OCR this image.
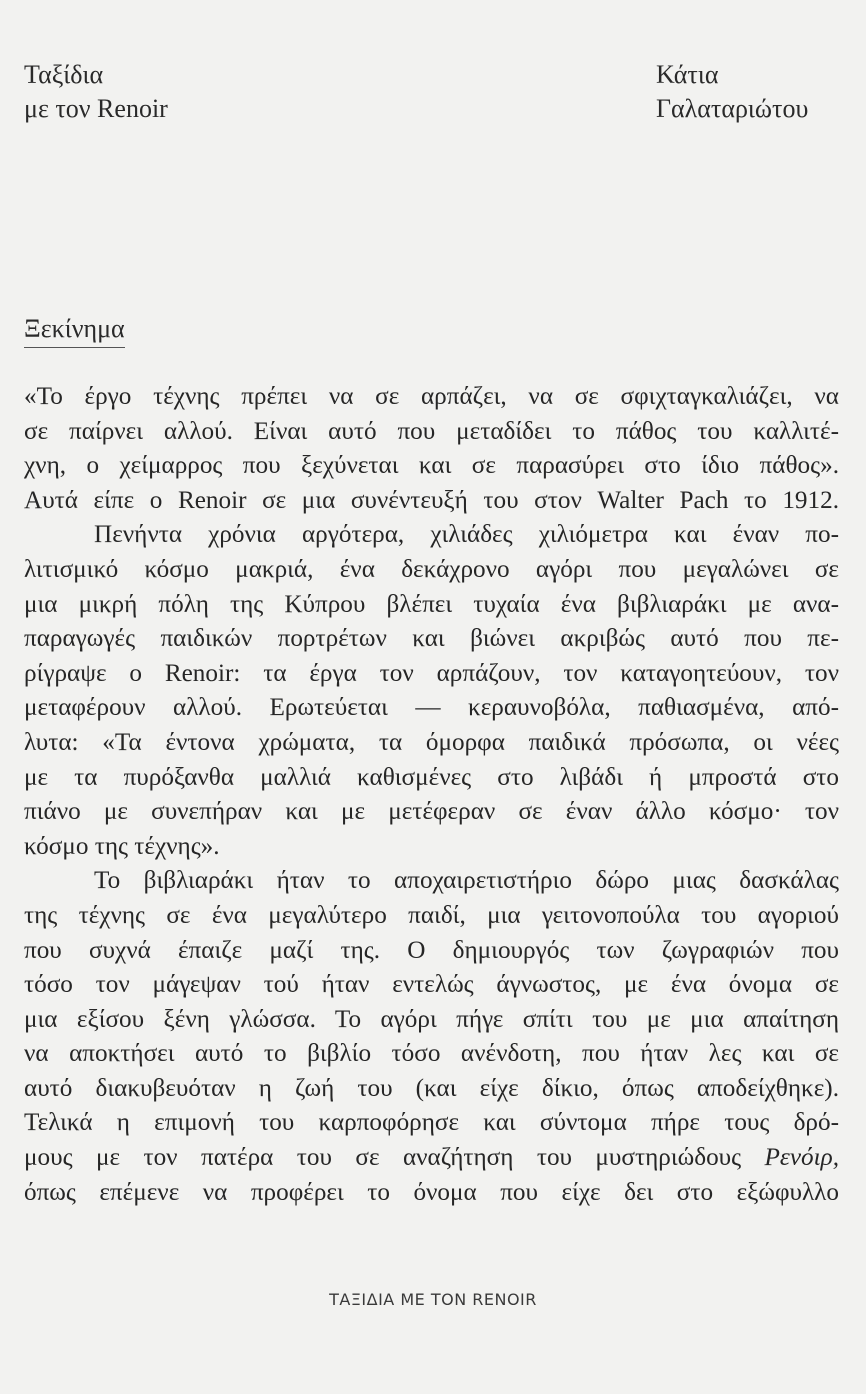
Ταξίδια
με τον Renoir
Κάτια
Γαλαταριώτου
Ξεκίνημα
«Το έργο τέχνης πρέπει να σε αρπάζει, να σε σφιχταγκαλιάζει, να
σε παίρνει αλλού. Είναι αυτό που μεταδίδει το πάθος του καλλιτέ-
χνη, ο χείμαρρος που ξεχύνεται και σε παρασύρει στο ίδιο πάθος».
Αυτά είπε ο Renoir σε μια συνέντευξή του στον Walter Pach το 1912.
Πενήντα χρόνια αργότερα, χιλιάδες χιλιόμετρα και έναν πο-
λιτισμικό κόσμο μακριά, ένα δεκάχρονο αγόρι που μεγαλώνει σε
μια μικρή πόλη της Κύπρου βλέπει τυχαία ένα βιβλιαράκι με ανα-
παραγωγές παιδικών πορτρέτων και βιώνει ακριβώς αυτό που πε-
ρίγραψε ο Renoir: τα έργα τον αρπάζουν, τον καταγοητεύουν, τον
μεταφέρουν αλλού. Ερωτεύεται — κεραυνοβόλα, παθιασμένα, από-
λυτα: «Τα έντονα χρώματα, τα όμορφα παιδικά πρόσωπα, οι νέες
με τα πυρόξανθα μαλλιά καθισμένες στο λιβάδι ή μπροστά στο
πιάνο με συνεπήραν και με μετέφεραν σε έναν άλλο κόσμο· τον
κόσμο της τέχνης».
Το βιβλιαράκι ήταν το αποχαιρετιστήριο δώρο μιας δασκάλας
της τέχνης σε ένα μεγαλύτερο παιδί, μια γειτονοπούλα του αγοριού
που συχνά έπαιζε μαζί της. Ο δημιουργός των ζωγραφιών που
τόσο τον μάγεψαν τού ήταν εντελώς άγνωστος, με ένα όνομα σε
μια εξίσου ξένη γλώσσα. Το αγόρι πήγε σπίτι του με μια απαίτηση
να αποκτήσει αυτό το βιβλίο τόσο ανένδοτη, που ήταν λες και σε
αυτό διακυβευόταν η ζωή του (και είχε δίκιο, όπως αποδείχθηκε).
Τελικά η επιμονή του καρποφόρησε και σύντομα πήρε τους δρό-
μους με τον πατέρα του σε αναζήτηση του μυστηριώδους Ρενόιρ,
όπως επέμενε να προφέρει το όνομα που είχε δει στο εξώφυλλο
ΤΑΞΙΔΙΑ ΜΕ ΤΟΝ RENOIR
